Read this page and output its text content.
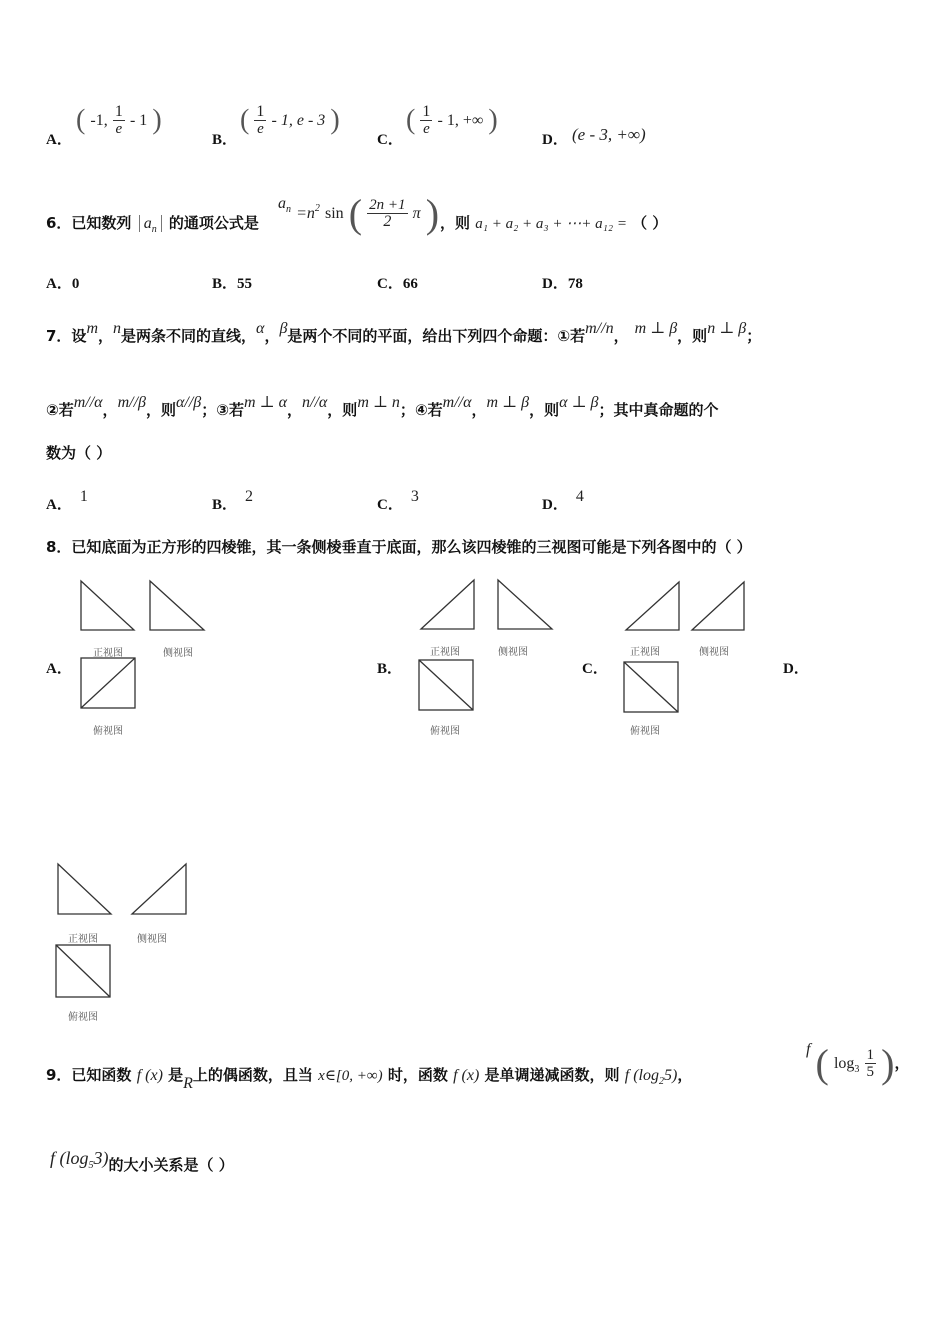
A．
( -1, $\frac{1}{e} - 1$ )
B．
( $\frac{1}{e} - 1$, e - 3 )
C．
( $\frac{1}{e} - 1$, +∞ )
D． (e - 3, +∞)
6．已知数列 $a_n$ 的通项公式是
$a_n =n^2$ sin ( $\frac{2n +1}{2}$ π ) ，则 a₁ + a₂ + a₃ + ⋯+ a₁₂ = （ ）
A．0	B．55	C．66	D．78
7．设m，n是两条不同的直线，α，β是两个不同的平面，给出下列四个命题：①若m//n， m ⊥ β，则n ⊥ β；
②若m//α，m//β，则α//β；③若m ⊥ α，n//α，则m ⊥ n；④若m//α，m ⊥ β，则α ⊥ β；其中真命题的个
数为（ ）
A． 1	B． 2	C． 3	D． 4
8．已知底面为正方形的四棱锥，其一条侧棱垂直于底面，那么该四棱锥的三视图可能是下列各图中的（ ）
A．	B．	C．	D．
正视图	侧视图
俯视图
正视图	侧视图
俯视图
正视图	侧视图
俯视图
正视图	侧视图
俯视图
9．已知函数 f (x) 是R上的偶函数，且当 x∈[0, +∞) 时，函数 f (x) 是单调递减函数，则 f $(\log_25)$，
f ( $\log_3 \frac{1}{5}$ )，
f $(\log_53)$的大小关系是（ ）
